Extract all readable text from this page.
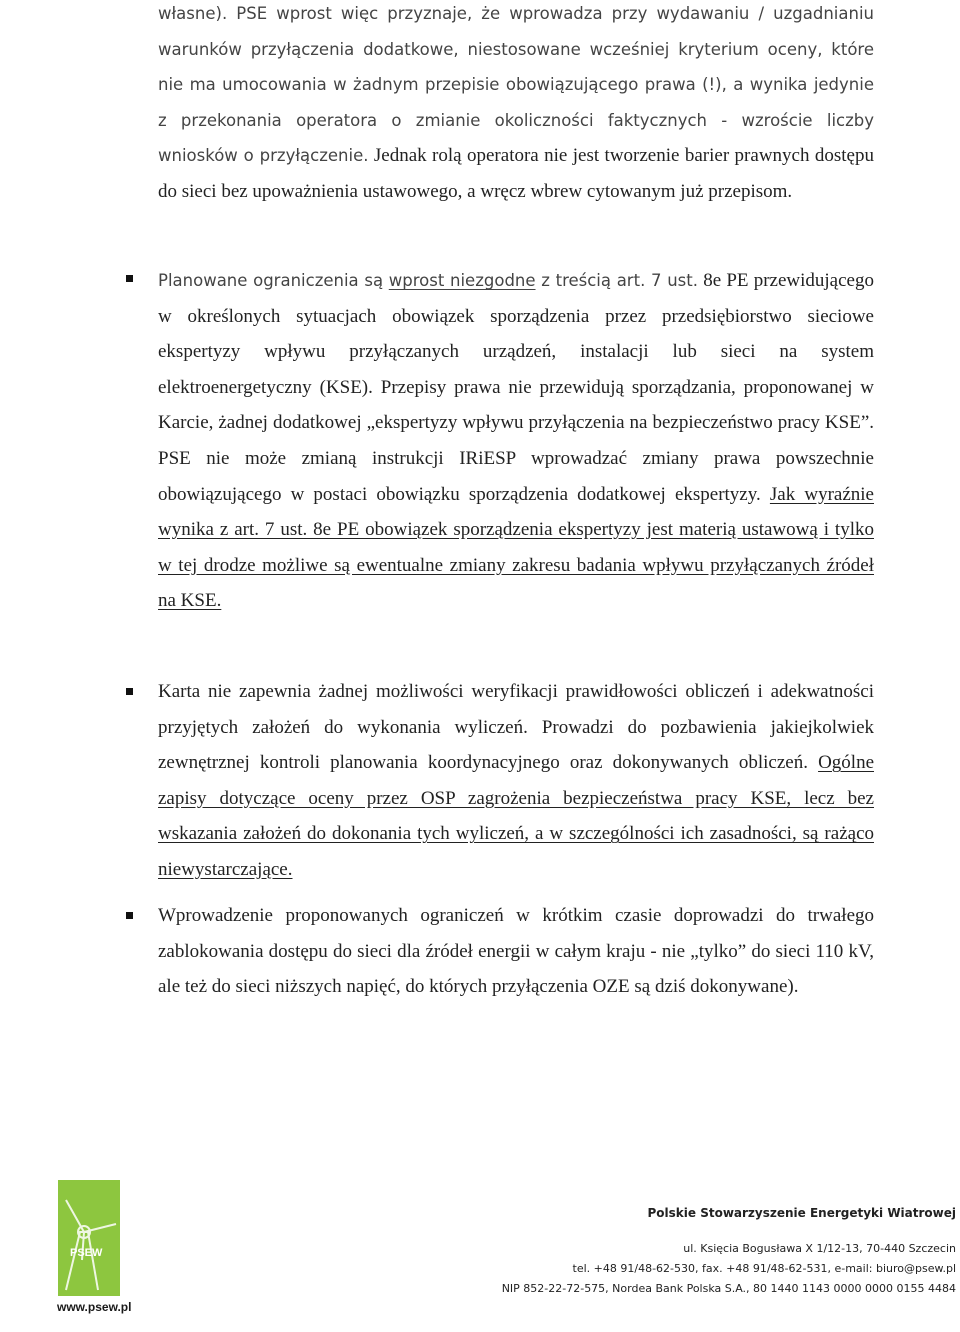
własne). PSE wprost więc przyznaje, że wprowadza przy wydawaniu / uzgadnianiu warunków przyłączenia dodatkowe, niestosowane wcześniej kryterium oceny, które nie ma umocowania w żadnym przepisie obowiązującego prawa (!), a wynika jedynie z przekonania operatora o zmianie okoliczności faktycznych - wzroście liczby wniosków o przyłączenie. Jednak rolą operatora nie jest tworzenie barier prawnych dostępu do sieci bez upoważnienia ustawowego, a wręcz wbrew cytowanym już przepisom.
Planowane ograniczenia są wprost niezgodne z treścią art. 7 ust. 8e PE przewidującego w określonych sytuacjach obowiązek sporządzenia przez przedsiębiorstwo sieciowe ekspertyzy wpływu przyłączanych urządzeń, instalacji lub sieci na system elektroenergetyczny (KSE). Przepisy prawa nie przewidują sporządzania, proponowanej w Karcie, żadnej dodatkowej „ekspertyzy wpływu przyłączenia na bezpieczeństwo pracy KSE”. PSE nie może zmianą instrukcji IRiESP wprowadzać zmiany prawa powszechnie obowiązującego w postaci obowiązku sporządzenia dodatkowej ekspertyzy. Jak wyraźnie wynika z art. 7 ust. 8e PE obowiązek sporządzenia ekspertyzy jest materią ustawową i tylko w tej drodze możliwe są ewentualne zmiany zakresu badania wpływu przyłączanych źródeł na KSE.
Karta nie zapewnia żadnej możliwości weryfikacji prawidłowości obliczeń i adekwatności przyjętych założeń do wykonania wyliczeń. Prowadzi do pozbawienia jakiejkolwiek zewnętrznej kontroli planowania koordynacyjnego oraz dokonywanych obliczeń. Ogólne zapisy dotyczące oceny przez OSP zagrożenia bezpieczeństwa pracy KSE, lecz bez wskazania założeń do dokonania tych wyliczeń, a w szczególności ich zasadności, są rażąco niewystarczające.
Wprowadzenie proponowanych ograniczeń w krótkim czasie doprowadzi do trwałego zablokowania dostępu do sieci dla źródeł energii w całym kraju - nie „tylko” do sieci 110 kV, ale też do sieci niższych napięć, do których przyłączenia OZE są dziś dokonywane).
PSEW
www.psew.pl
Polskie Stowarzyszenie Energetyki Wiatrowej
ul. Księcia Bogusława X 1/12-13, 70-440 Szczecin
tel. +48 91/48-62-530, fax. +48 91/48-62-531, e-mail: biuro@psew.pl
NIP 852-22-72-575, Nordea Bank Polska S.A., 80 1440 1143 0000 0000 0155 4484
